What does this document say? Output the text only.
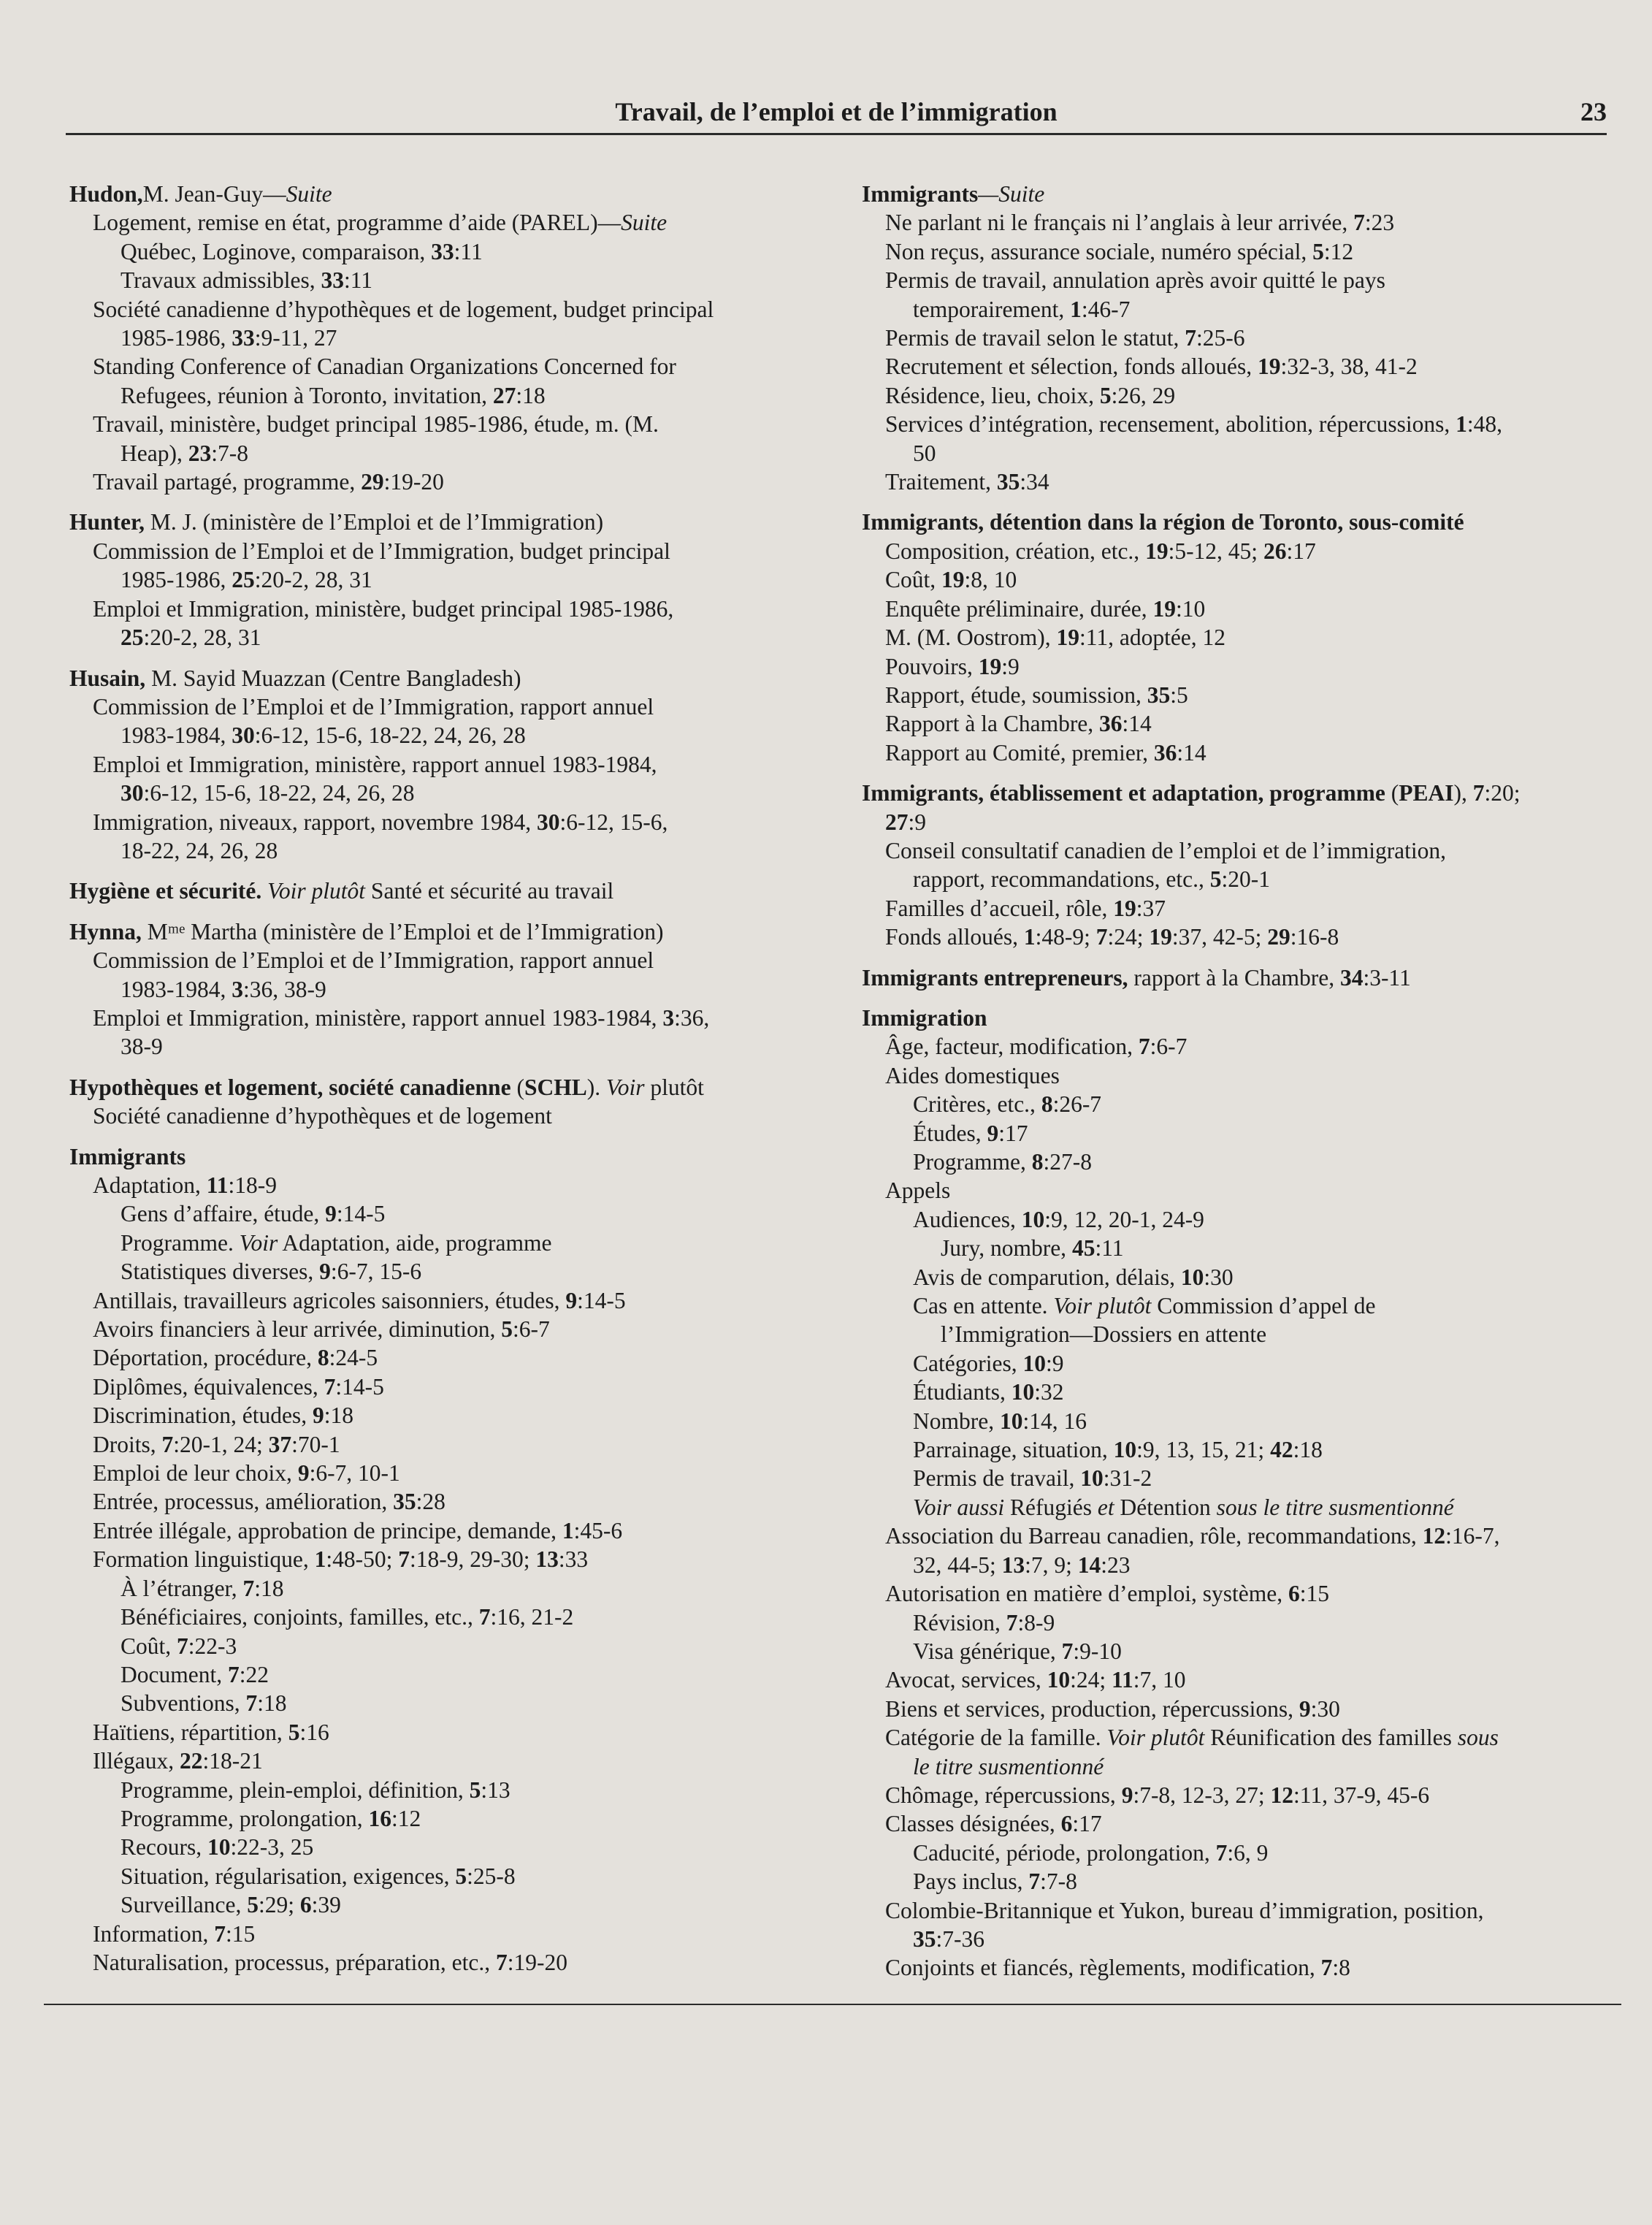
Travail, de l’emploi et de l’immigration	23
Hudon,M. Jean-Guy—Suite
Logement, remise en état, programme d’aide (PAREL)—Suite
Québec, Loginove, comparaison, 33:11
Travaux admissibles, 33:11
Société canadienne d’hypothèques et de logement, budget principal
1985-1986, 33:9-11, 27
Standing Conference of Canadian Organizations Concerned for
Refugees, réunion à Toronto, invitation, 27:18
Travail, ministère, budget principal 1985-1986, étude, m. (M.
Heap), 23:7-8
Travail partagé, programme, 29:19-20
Hunter, M. J. (ministère de l’Emploi et de l’Immigration)
Commission de l’Emploi et de l’Immigration, budget principal
1985-1986, 25:20-2, 28, 31
Emploi et Immigration, ministère, budget principal 1985-1986,
25:20-2, 28, 31
Husain, M. Sayid Muazzan (Centre Bangladesh)
Commission de l’Emploi et de l’Immigration, rapport annuel
1983-1984, 30:6-12, 15-6, 18-22, 24, 26, 28
Emploi et Immigration, ministère, rapport annuel 1983-1984,
30:6-12, 15-6, 18-22, 24, 26, 28
Immigration, niveaux, rapport, novembre 1984, 30:6-12, 15-6,
18-22, 24, 26, 28
Hygiène et sécurité. Voir plutôt Santé et sécurité au travail
Hynna, Mᵐᵉ Martha (ministère de l’Emploi et de l’Immigration)
Commission de l’Emploi et de l’Immigration, rapport annuel
1983-1984, 3:36, 38-9
Emploi et Immigration, ministère, rapport annuel 1983-1984, 3:36,
38-9
Hypothèques et logement, société canadienne (SCHL). Voir plutôt
Société canadienne d’hypothèques et de logement
Immigrants
Adaptation, 11:18-9
Gens d’affaire, étude, 9:14-5
Programme. Voir Adaptation, aide, programme
Statistiques diverses, 9:6-7, 15-6
Antillais, travailleurs agricoles saisonniers, études, 9:14-5
Avoirs financiers à leur arrivée, diminution, 5:6-7
Déportation, procédure, 8:24-5
Diplômes, équivalences, 7:14-5
Discrimination, études, 9:18
Droits, 7:20-1, 24; 37:70-1
Emploi de leur choix, 9:6-7, 10-1
Entrée, processus, amélioration, 35:28
Entrée illégale, approbation de principe, demande, 1:45-6
Formation linguistique, 1:48-50; 7:18-9, 29-30; 13:33
À l’étranger, 7:18
Bénéficiaires, conjoints, familles, etc., 7:16, 21-2
Coût, 7:22-3
Document, 7:22
Subventions, 7:18
Haïtiens, répartition, 5:16
Illégaux, 22:18-21
Programme, plein-emploi, définition, 5:13
Programme, prolongation, 16:12
Recours, 10:22-3, 25
Situation, régularisation, exigences, 5:25-8
Surveillance, 5:29; 6:39
Information, 7:15
Naturalisation, processus, préparation, etc., 7:19-20
Immigrants—Suite
Ne parlant ni le français ni l’anglais à leur arrivée, 7:23
Non reçus, assurance sociale, numéro spécial, 5:12
Permis de travail, annulation après avoir quitté le pays
temporairement, 1:46-7
Permis de travail selon le statut, 7:25-6
Recrutement et sélection, fonds alloués, 19:32-3, 38, 41-2
Résidence, lieu, choix, 5:26, 29
Services d’intégration, recensement, abolition, répercussions, 1:48,
50
Traitement, 35:34
Immigrants, détention dans la région de Toronto, sous-comité
Composition, création, etc., 19:5-12, 45; 26:17
Coût, 19:8, 10
Enquête préliminaire, durée, 19:10
M. (M. Oostrom), 19:11, adoptée, 12
Pouvoirs, 19:9
Rapport, étude, soumission, 35:5
Rapport à la Chambre, 36:14
Rapport au Comité, premier, 36:14
Immigrants, établissement et adaptation, programme (PEAI), 7:20;
27:9
Conseil consultatif canadien de l’emploi et de l’immigration,
rapport, recommandations, etc., 5:20-1
Familles d’accueil, rôle, 19:37
Fonds alloués, 1:48-9; 7:24; 19:37, 42-5; 29:16-8
Immigrants entrepreneurs, rapport à la Chambre, 34:3-11
Immigration
Âge, facteur, modification, 7:6-7
Aides domestiques
Critères, etc., 8:26-7
Études, 9:17
Programme, 8:27-8
Appels
Audiences, 10:9, 12, 20-1, 24-9
Jury, nombre, 45:11
Avis de comparution, délais, 10:30
Cas en attente. Voir plutôt Commission d’appel de
l’Immigration—Dossiers en attente
Catégories, 10:9
Étudiants, 10:32
Nombre, 10:14, 16
Parrainage, situation, 10:9, 13, 15, 21; 42:18
Permis de travail, 10:31-2
Voir aussi Réfugiés et Détention sous le titre susmentionné
Association du Barreau canadien, rôle, recommandations, 12:16-7,
32, 44-5; 13:7, 9; 14:23
Autorisation en matière d’emploi, système, 6:15
Révision, 7:8-9
Visa générique, 7:9-10
Avocat, services, 10:24; 11:7, 10
Biens et services, production, répercussions, 9:30
Catégorie de la famille. Voir plutôt Réunification des familles sous
le titre susmentionné
Chômage, répercussions, 9:7-8, 12-3, 27; 12:11, 37-9, 45-6
Classes désignées, 6:17
Caducité, période, prolongation, 7:6, 9
Pays inclus, 7:7-8
Colombie-Britannique et Yukon, bureau d’immigration, position,
35:7-36
Conjoints et fiancés, règlements, modification, 7:8
